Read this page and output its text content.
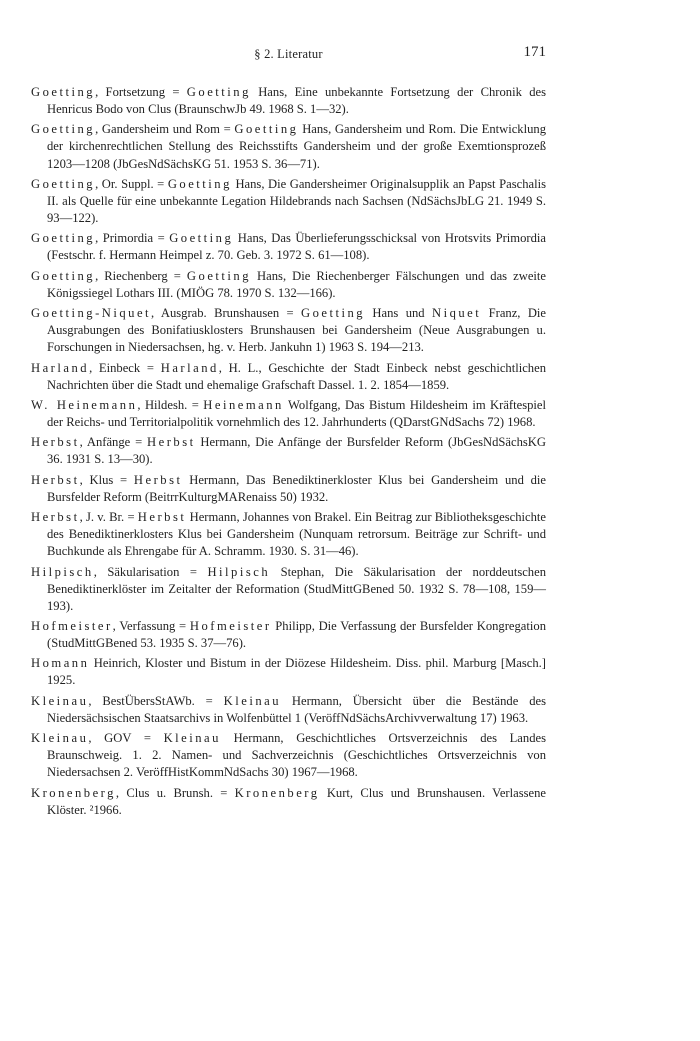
§ 2. Literatur	171

Goetting, Fortsetzung = Goetting Hans, Eine unbekannte Fortsetzung der Chronik des Henricus Bodo von Clus (BraunschwJb 49. 1968 S. 1—32).

Goetting, Gandersheim und Rom = Goetting Hans, Gandersheim und Rom. Die Entwicklung der kirchenrechtlichen Stellung des Reichsstifts Gandersheim und der große Exemtionsprozeß 1203—1208 (JbGesNdSächsKG 51. 1953 S. 36—71).

Goetting, Or. Suppl. = Goetting Hans, Die Gandersheimer Originalsupplik an Papst Paschalis II. als Quelle für eine unbekannte Legation Hildebrands nach Sachsen (NdSächsJbLG 21. 1949 S. 93—122).

Goetting, Primordia = Goetting Hans, Das Überlieferungsschicksal von Hrotsvits Primordia (Festschr. f. Hermann Heimpel z. 70. Geb. 3. 1972 S. 61—108).

Goetting, Riechenberg = Goetting Hans, Die Riechenberger Fälschungen und das zweite Königssiegel Lothars III. (MIÖG 78. 1970 S. 132—166).

Goetting-Niquet, Ausgrab. Brunshausen = Goetting Hans und Niquet Franz, Die Ausgrabungen des Bonifatiusklosters Brunshausen bei Gandersheim (Neue Ausgrabungen u. Forschungen in Niedersachsen, hg. v. Herb. Jankuhn 1) 1963 S. 194—213.

Harland, Einbeck = Harland, H. L., Geschichte der Stadt Einbeck nebst geschichtlichen Nachrichten über die Stadt und ehemalige Grafschaft Dassel. 1. 2. 1854—1859.

W. Heinemann, Hildesh. = Heinemann Wolfgang, Das Bistum Hildesheim im Kräftespiel der Reichs- und Territorialpolitik vornehmlich des 12. Jahrhunderts (QDarstGNdSachs 72) 1968.

Herbst, Anfänge = Herbst Hermann, Die Anfänge der Bursfelder Reform (JbGesNdSächsKG 36. 1931 S. 13—30).

Herbst, Klus = Herbst Hermann, Das Benediktinerkloster Klus bei Gandersheim und die Bursfelder Reform (BeitrrKulturgMARenaiss 50) 1932.

Herbst, J. v. Br. = Herbst Hermann, Johannes von Brakel. Ein Beitrag zur Bibliotheksgeschichte des Benediktinerklosters Klus bei Gandersheim (Nunquam retrorsum. Beiträge zur Schrift- und Buchkunde als Ehrengabe für A. Schramm. 1930. S. 31—46).

Hilpisch, Säkularisation = Hilpisch Stephan, Die Säkularisation der norddeutschen Benediktinerklöster im Zeitalter der Reformation (StudMittGBened 50. 1932 S. 78—108, 159—193).

Hofmeister, Verfassung = Hofmeister Philipp, Die Verfassung der Bursfelder Kongregation (StudMittGBened 53. 1935 S. 37—76).

Homann Heinrich, Kloster und Bistum in der Diözese Hildesheim. Diss. phil. Marburg [Masch.] 1925.

Kleinau, BestÜbersStAWb. = Kleinau Hermann, Übersicht über die Bestände des Niedersächsischen Staatsarchivs in Wolfenbüttel 1 (VeröffNdSächsArchivverwaltung 17) 1963.

Kleinau, GOV = Kleinau Hermann, Geschichtliches Ortsverzeichnis des Landes Braunschweig. 1. 2. Namen- und Sachverzeichnis (Geschichtliches Ortsverzeichnis von Niedersachsen 2. VeröffHistKommNdSachs 30) 1967—1968.

Kronenberg, Clus u. Brunsh. = Kronenberg Kurt, Clus und Brunshausen. Verlassene Klöster. ²1966.
